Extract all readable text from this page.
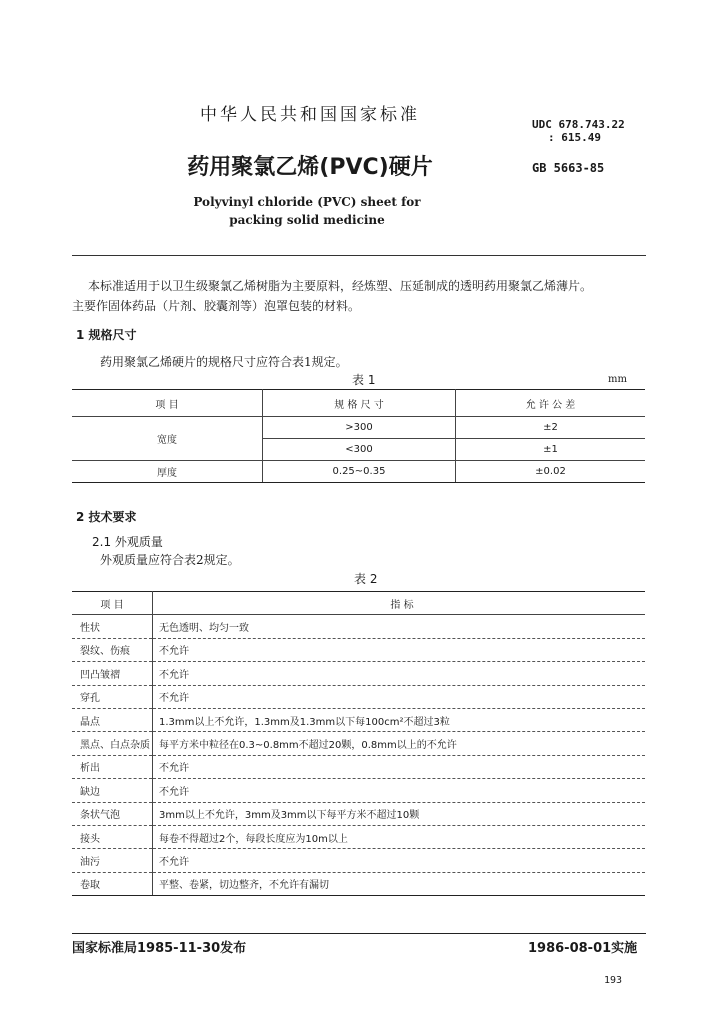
中华人民共和国国家标准	UDC 678.743.22
: 615.49
药用聚氯乙烯(PVC)硬片	GB 5663-85
Polyvinyl chloride (PVC) sheet for
packing solid medicine
本标准适用于以卫生级聚氯乙烯树脂为主要原料，经炼塑、压延制成的透明药用聚氯乙烯薄片。
主要作固体药品（片剂、胶囊剂等）泡罩包装的材料。
1 规格尺寸
药用聚氯乙烯硬片的规格尺寸应符合表1规定。
表 1	mm
项 目	规 格 尺 寸	允 许 公 差
宽度	>300	±2
	<300	±1
厚度	0.25~0.35	±0.02
2 技术要求
2.1 外观质量
外观质量应符合表2规定。
表 2
项 目	指 标
性状	无色透明、均匀一致
裂纹、伤痕	不允许
凹凸皱褶	不允许
穿孔	不允许
晶点	1.3mm以上不允许，1.3mm及1.3mm以下每100cm²不超过3粒
黑点、白点杂质	每平方米中粒径在0.3~0.8mm不超过20颗，0.8mm以上的不允许
析出	不允许
缺边	不允许
条状气泡	3mm以上不允许，3mm及3mm以下每平方米不超过10颗
接头	每卷不得超过2个，每段长度应为10m以上
油污	不允许
卷取	平整、卷紧，切边整齐，不允许有漏切
国家标准局1985-11-30发布	1986-08-01实施
193
